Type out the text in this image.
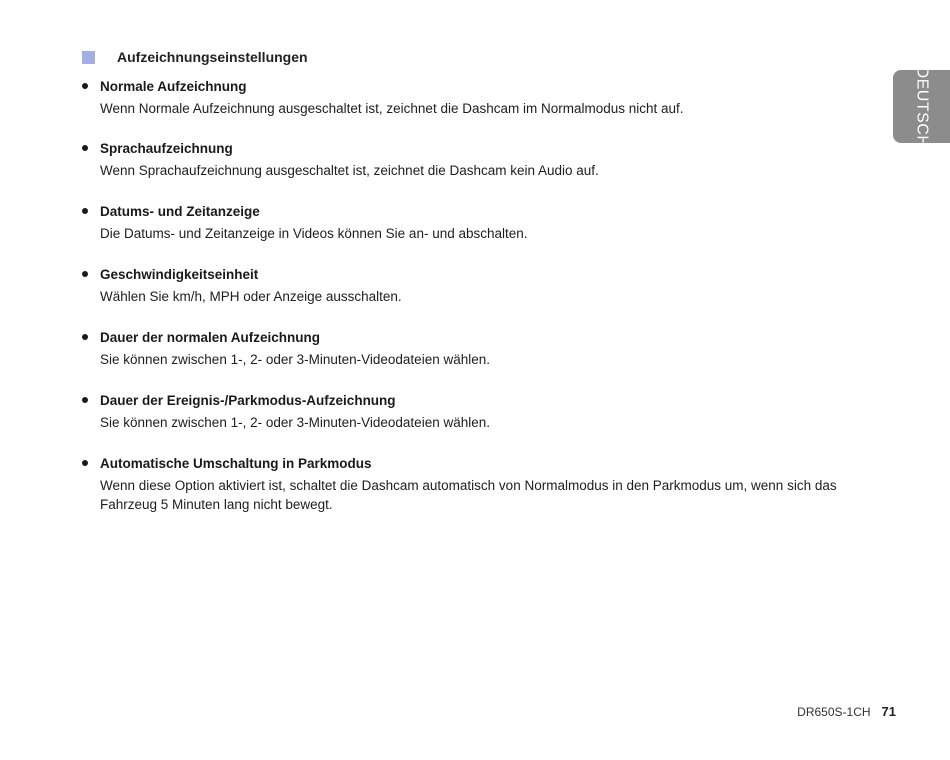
Aufzeichnungseinstellungen
Normale Aufzeichnung
Wenn Normale Aufzeichnung ausgeschaltet ist, zeichnet die Dashcam im Normalmodus nicht auf.
Sprachaufzeichnung
Wenn Sprachaufzeichnung ausgeschaltet ist, zeichnet die Dashcam kein Audio auf.
Datums- und Zeitanzeige
Die Datums- und Zeitanzeige in Videos können Sie an- und abschalten.
Geschwindigkeitseinheit
Wählen Sie km/h, MPH oder Anzeige ausschalten.
Dauer der normalen Aufzeichnung
Sie können zwischen 1-, 2- oder 3-Minuten-Videodateien wählen.
Dauer der Ereignis-/Parkmodus-Aufzeichnung
Sie können zwischen 1-, 2- oder 3-Minuten-Videodateien wählen.
Automatische Umschaltung in Parkmodus
Wenn diese Option aktiviert ist, schaltet die Dashcam automatisch von Normalmodus in den Parkmodus um, wenn sich das Fahrzeug 5 Minuten lang nicht bewegt.
DEUTSCH
DR650S-1CH 71
